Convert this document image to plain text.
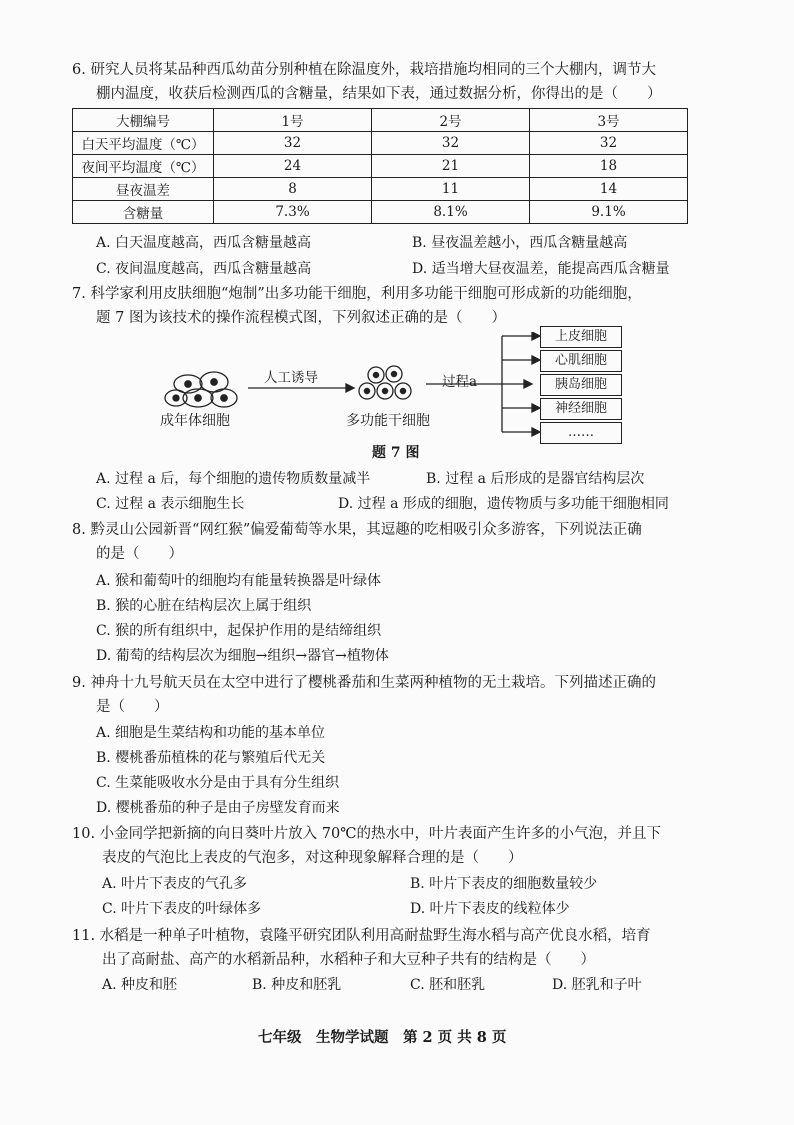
6. 研究人员将某品种西瓜幼苗分别种植在除温度外，栽培措施均相同的三个大棚内，调节大
棚内温度，收获后检测西瓜的含糖量，结果如下表，通过数据分析，你得出的是（　　）
大棚编号	1号	2号	3号
白天平均温度（℃）	32	32	32
夜间平均温度（℃）	24	21	18
昼夜温差	8	11	14
含糖量	7.3%	8.1%	9.1%
A. 白天温度越高，西瓜含糖量越高	B. 昼夜温差越小，西瓜含糖量越高
C. 夜间温度越高，西瓜含糖量越高	D. 适当增大昼夜温差，能提高西瓜含糖量
7. 科学家利用皮肤细胞“炮制”出多功能干细胞，利用多功能干细胞可形成新的功能细胞，
题 7 图为该技术的操作流程模式图，下列叙述正确的是（　　）
人工诱导	过程a
成年体细胞	多功能干细胞
上皮细胞
心肌细胞
胰岛细胞
神经细胞
……
题 7 图
A. 过程 a 后，每个细胞的遗传物质数量减半	B. 过程 a 后形成的是器官结构层次
C. 过程 a 表示细胞生长	D. 过程 a 形成的细胞，遗传物质与多功能干细胞相同
8. 黔灵山公园新晋“网红猴”偏爱葡萄等水果，其逗趣的吃相吸引众多游客，下列说法正确
的是（　　）
A. 猴和葡萄叶的细胞均有能量转换器是叶绿体
B. 猴的心脏在结构层次上属于组织
C. 猴的所有组织中，起保护作用的是结缔组织
D. 葡萄的结构层次为细胞→组织→器官→植物体
9. 神舟十九号航天员在太空中进行了樱桃番茄和生菜两种植物的无土栽培。下列描述正确的
是（　　）
A. 细胞是生菜结构和功能的基本单位
B. 樱桃番茄植株的花与繁殖后代无关
C. 生菜能吸收水分是由于具有分生组织
D. 樱桃番茄的种子是由子房壁发育而来
10. 小金同学把新摘的向日葵叶片放入 70℃的热水中，叶片表面产生许多的小气泡，并且下
表皮的气泡比上表皮的气泡多，对这种现象解释合理的是（　　）
A. 叶片下表皮的气孔多	B. 叶片下表皮的细胞数量较少
C. 叶片下表皮的叶绿体多	D. 叶片下表皮的线粒体少
11. 水稻是一种单子叶植物，袁隆平研究团队利用高耐盐野生海水稻与高产优良水稻，培育
出了高耐盐、高产的水稻新品种，水稻种子和大豆种子共有的结构是（　　）
A. 种皮和胚	B. 种皮和胚乳	C. 胚和胚乳	D. 胚乳和子叶
七年级　生物学试题　第 2 页 共 8 页
